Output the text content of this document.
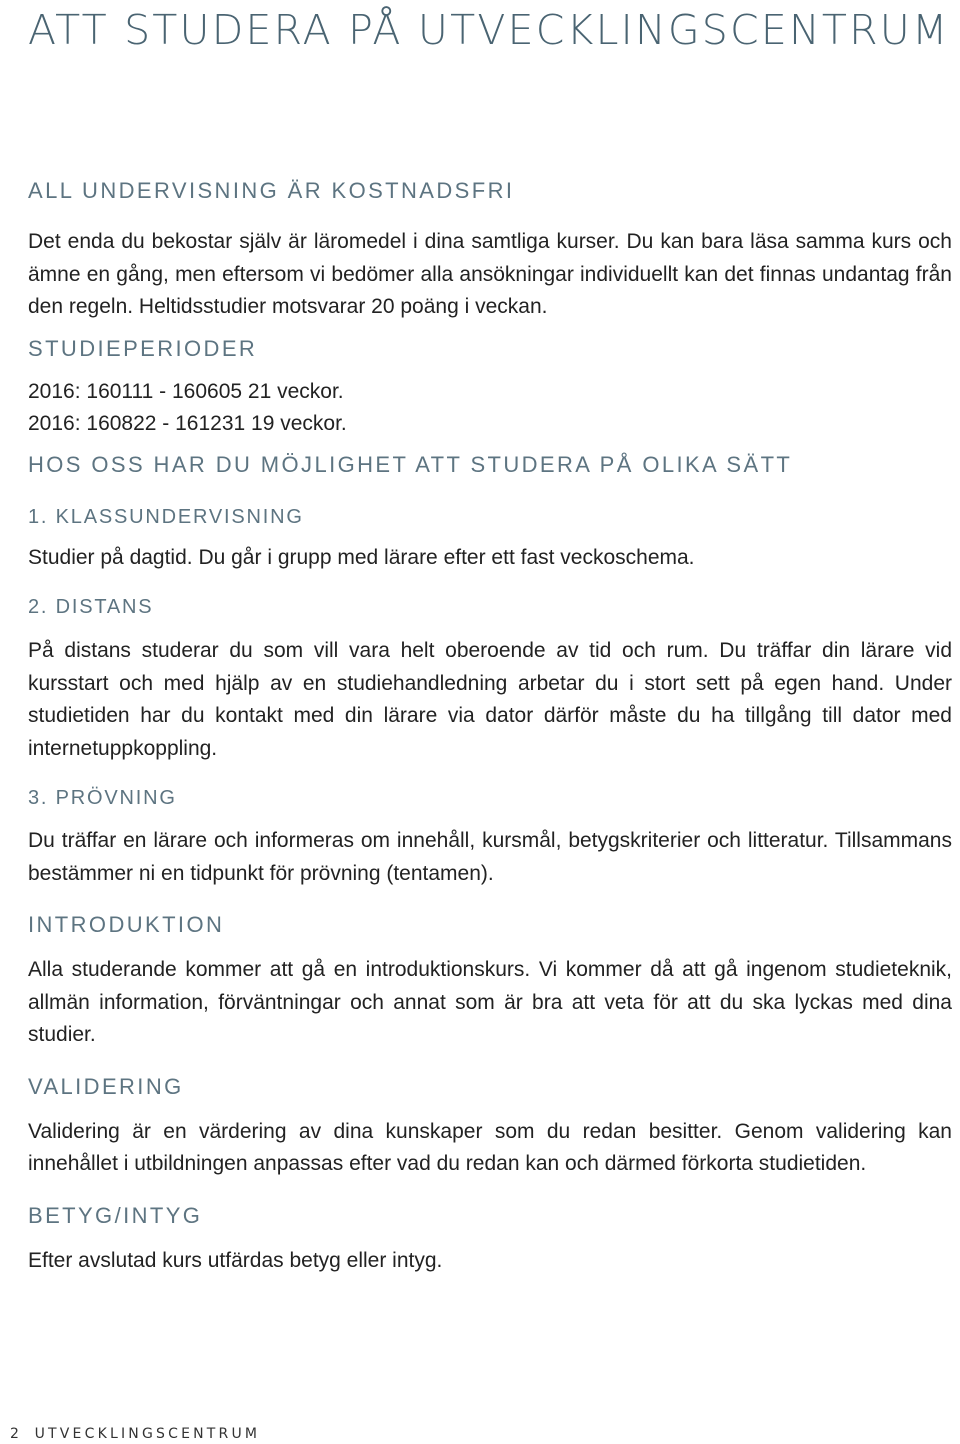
ATT STUDERA PÅ UTVECKLINGSCENTRUM
ALL UNDERVISNING ÄR KOSTNADSFRI

Det enda du bekostar själv är läromedel i dina samtliga kurser. Du kan bara läsa samma kurs och ämne en gång, men eftersom vi bedömer alla ansökningar individuellt kan det finnas undantag från den regeln. Heltidsstudier motsvarar 20 poäng i veckan.

STUDIEPERIODER

2016: 160111 - 160605 21 veckor.

2016: 160822 - 161231 19 veckor.

HOS OSS HAR DU MÖJLIGHET ATT STUDERA PÅ OLIKA SÄTT
1. KLASSUNDERVISNING

Studier på dagtid. Du går i grupp med lärare efter ett fast veckoschema.

2. DISTANS

På distans studerar du som vill vara helt oberoende av tid och rum. Du träffar din lärare vid kursstart och med hjälp av en studiehandledning arbetar du i stort sett på egen hand. Under studietiden har du kontakt med din lärare via dator därför måste du ha tillgång till dator med internetuppkoppling.

3. PRÖVNING

Du träffar en lärare och informeras om innehåll, kursmål, betygskriterier och litteratur. Tillsammans bestämmer ni en tidpunkt för prövning (tentamen).

INTRODUKTION

Alla studerande kommer att gå en introduktionskurs. Vi kommer då att gå ingenom studieteknik, allmän information, förväntningar och annat som är bra att veta för att du ska lyckas med dina studier.

VALIDERING

Validering är en värdering av dina kunskaper som du redan besitter. Genom validering kan innehållet i utbildningen anpassas efter vad du redan kan och därmed förkorta studietiden.

BETYG/INTYG

Efter avslutad kurs utfärdas betyg eller intyg.

2 UTVECKLINGSCENTRUM
